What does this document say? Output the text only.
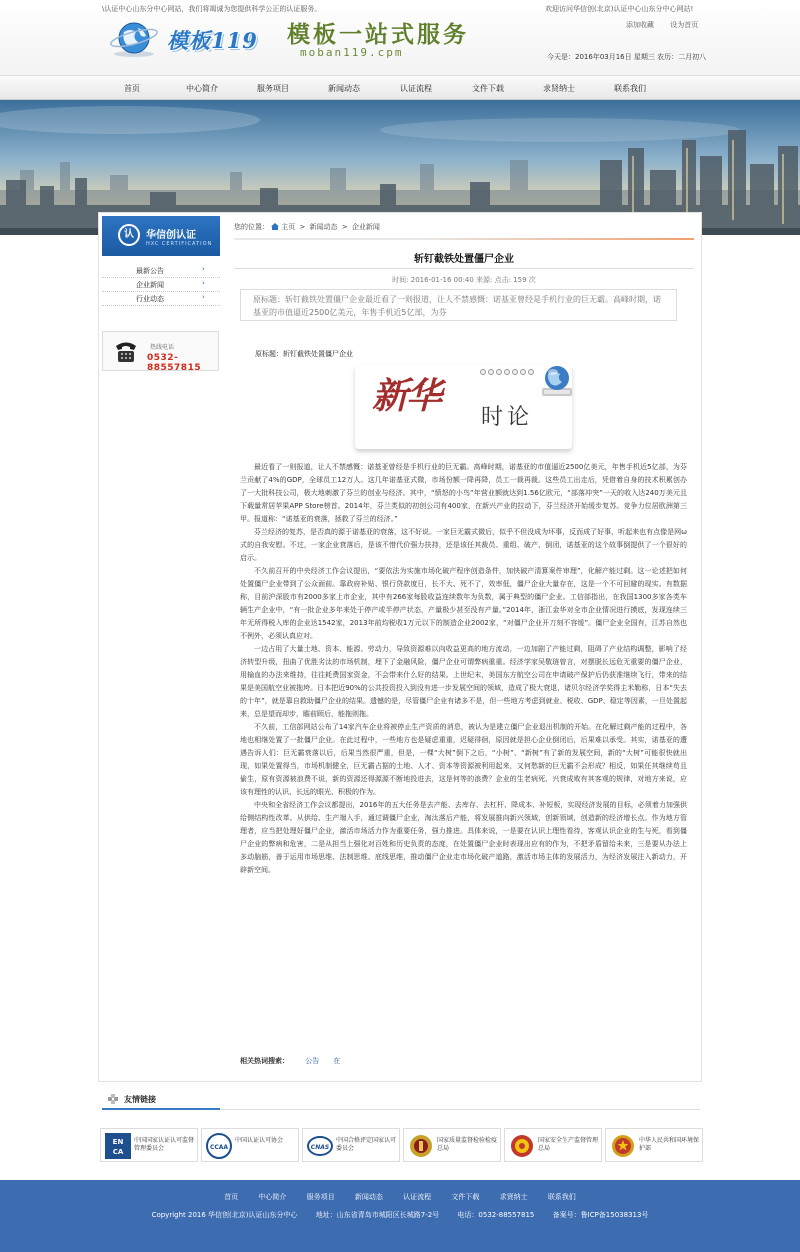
\认证中心山东分中心网站，我们将竭诚为您提供科学公正的认证服务。	欢迎访问华信创(北京)认证中心山东分中心网站!
添加收藏 设为首页
模板119 模板一站式服务
moban119.cpm	今天是：2016年03月16日 星期三 农历：二月初八
首页	中心简介	服务项目	新闻动态	认证流程	文件下载	求贤纳士	联系我们
认	华信创认证
HXC CERTIFICATION
最新公告	›
企业新闻	›
行业动态	›
热线电话
0532-88557815
您的位置： 主页 > 新闻动态 > 企业新闻
斩钉截铁处置僵尸企业
时间: 2016-01-16 00:40 来源: 点击: 159 次
原标题：斩钉截铁处置僵尸企业最近看了一则报道，让人不禁感慨：诺基亚曾经是手机行业的巨无霸。高峰时期，诺基亚的市值逼近2500亿美元，年售手机近5亿部，为芬
原标题：斩钉截铁处置僵尸企业
新华
时论

最近看了一则报道，让人不禁感慨：诺基亚曾经是手机行业的巨无霸。高峰时期，诺基亚的市值逼近2500亿美元，年售手机近5亿部，为芬兰贡献了4%的GDP，全球员工12万人。这几年诺基亚式微，市场份额一降再降，员工一裁再裁。这些员工出走后，凭借着自身的技术积累创办了一大批科技公司，极大地刺激了芬兰的创业与经济。其中，“愤怒的小鸟”年营业额就达到1.56亿欧元，“部落冲突”一天的收入达240万美元且下载量常居苹果APP Store榜首。2014年，芬兰类似的初创公司有400家，在新兴产业的拉动下，芬兰经济开始缓步复苏。竞争力位居欧洲第三甲。报道称：“诺基亚的衰落，拯救了芬兰的经济。”

芬兰经济的复苏，是否真的源于诺基亚的衰落，这不好说。一家巨无霸式微后，似乎不但没成为坏事，反而成了好事，听起来也有点像是网ω式的自我安慰。不过，一家企业衰落后，是该不惜代价强力扶持，还是该任其裁员、重组、破产、倒闭，诺基亚的这个故事倒提供了一个很好的启示。

不久前召开的中央经济工作会议提出，“要依法为实施市场化破产程序创造条件，加快破产清算案件审理”，化解产能过剩。这一论述把如何处置僵尸企业带到了公众面前。靠政府补贴、银行贷款度日，长不大、死不了，效率低，僵尸企业大量存在，这是一个不可回避的现实。有数据称，目前沪深股市有2000多家上市企业，其中有266家每股收益连续数年为负数，属于典型的僵尸企业。工信部指出，在我国1300多家各类车辆生产企业中，“有一批企业多年来处于停产或半停产状态，产量极少甚至没有产量。”2014年，浙江金华对全市企业情况进行摸底，发现连续三年无所得税入库的企业达1542家，2013年前均税收1万元以下的制造企业2002家，“对僵尸企业开刀刻不容缓”。僵尸企业全国有，江苏自然也不例外，必须认真应对。

一边占用了大量土地、资本、能源、劳动力，导致资源难以向收益更高的地方流动，一边加剧了产能过剩，阻碍了产业结构调整，影响了经济转型升级，扭曲了优胜劣汰的市场机制，埋下了金融风险，僵尸企业可谓弊病重重。经济学家吴敬琏曾言，对摆脱长远危无重要的僵尸企业，用输血的办法来维持，往往耗费国家资金，不会带来什么好的结果。上世纪末，美国东方航空公司在申请破产保护后仍获准继续飞行，带来的结果是美国航空业被拖垮。日本把近90%的公共投资投入到没有进一步发展空间的领域，造成了极大衰退，诸贝尔经济学奖得主米勒称，日本“失去的十年”，就是靠自救助僵尸企业的结果。遗憾的是，尽管僵尸企业有诸多不是，但一些地方考虑到就业、税收、GDP、稳定等因素，一旦处置起来，总是望而却步，瞻前顾后，能拖则拖。

不久前，工信部网站公布了14家汽车企业将被停止生产资质的消息，被认为是建立僵尸企业退出机制的开始。在化解过剩产能的过程中，各地也相继处置了一批僵尸企业。在此过程中，一些地方也是疑虑重重，迟疑徘徊，原因就是担心企业倒闭后，后果难以承受。其实，诺基亚的遭遇告诉人们：巨无霸衰落以后，后果当然很严重，但是，一棵“大树”倒下之后，“小树”、“新树”有了新的发展空间，新的“大树”可能很快就出现，如果处置得当，市场机制健全，巨无霸占据的土地、人才、资本等资源被利用起来，又何愁新的巨无霸不会形成？相反，如果任其继续苟且偷生，原有资源被浪费不说，新的资源还得源源不断地投进去，这是何等的浪费？企业的生老病死、兴衰成败有其客观的规律，对地方来说，应该有理性的认识、长远的眼光、积极的作为。

中央和全省经济工作会议都提出，2016年的五大任务是去产能、去库存、去杠杆、降成本、补短板，实现经济发展的目标，必须着力加强供给侧结构性改革。从供给、生产端入手，通过调僵尸企业，淘汰落后产能，将发展推向新兴领域，创新领域，创造新的经济增长点。作为地方管理者，应当把处理好僵尸企业，激活市场活力作为重要任务，强力推进。具体来说，一是要在认识上理性看待，客观认识企业的生与死，看到僵尸企业的弊病和危害，二是从担当上强化对百姓和历史负责的态度，在处置僵尸企业时表现出应有的作为，不把矛盾留给未来，三是要从办法上多动脑筋，善于运用市场思维、法制思维、底线思维，推动僵尸企业走市场化破产道路，激活市场主体的发展活力，为经济发展注入新动力，开辟新空间。

相关热词搜索： 公告 在
友情链接
EN
CA
中国国家认证认可监督管理委员会	CCAA
中国认证认可协会
CNAS
中国合格评定国家认可委员会
国家质量监督检验检疫总局
国家安全生产监督管理总局
中华人民共和国环境保护部
首页	中心简介	服务项目	新闻动态	认证流程	文件下载	求贤纳士	联系我们
Copyright 2016 华信创(北京)认证山东分中心	地址：山东省青岛市城阳区长城路7-2号	电话：0532-88557815	备案号：鲁ICP备15038313号
